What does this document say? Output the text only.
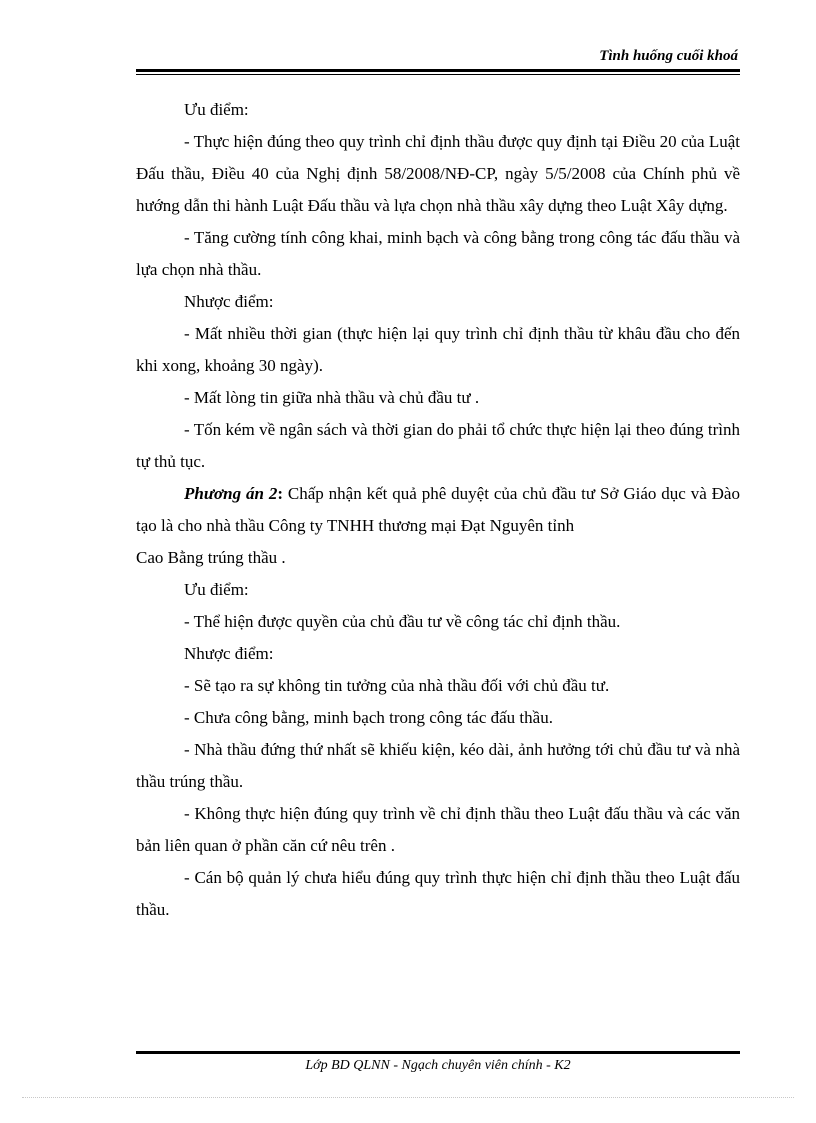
Tình huống cuối khoá

Ưu điểm:

- Thực hiện đúng theo quy trình chỉ định thầu được quy định tại Điều 20 của Luật Đấu thầu, Điều 40 của Nghị định 58/2008/NĐ-CP, ngày 5/5/2008 của Chính phủ về hướng dẫn thi hành Luật Đấu thầu và lựa chọn nhà thầu xây dựng theo Luật Xây dựng.

- Tăng cường tính công khai, minh bạch và công bằng trong công tác đấu thầu và lựa chọn nhà thầu.

Nhược điểm:

- Mất nhiều thời gian (thực hiện lại quy trình chỉ định thầu từ khâu đầu cho đến khi xong, khoảng 30 ngày).

- Mất lòng tin giữa nhà thầu và chủ đầu tư .

- Tốn kém về ngân sách và thời gian do phải tổ chức thực hiện lại theo đúng trình tự thủ tục.

Phương án 2: Chấp nhận kết quả phê duyệt của chủ đầu tư Sở Giáo dục và Đào tạo là cho nhà thầu Công ty TNHH thương mại Đạt Nguyên tỉnh

Cao Bằng trúng thầu .

Ưu điểm:

- Thể hiện được quyền của chủ đầu tư về công tác chỉ định thầu.

Nhược điểm:

- Sẽ tạo ra sự không tin tưởng của nhà thầu đối với chủ đầu tư.

- Chưa công bằng, minh bạch trong công tác đấu thầu.

- Nhà thầu đứng thứ nhất sẽ khiếu kiện, kéo dài, ảnh hưởng tới chủ đầu tư và nhà thầu trúng thầu.

- Không thực hiện đúng quy trình về chỉ định thầu theo Luật đấu thầu và các văn bản liên quan ở phần căn cứ nêu trên .

- Cán bộ quản lý chưa hiểu đúng quy trình thực hiện chỉ định thầu theo Luật đấu thầu.

Lớp BD QLNN - Ngạch chuyên viên chính - K2
